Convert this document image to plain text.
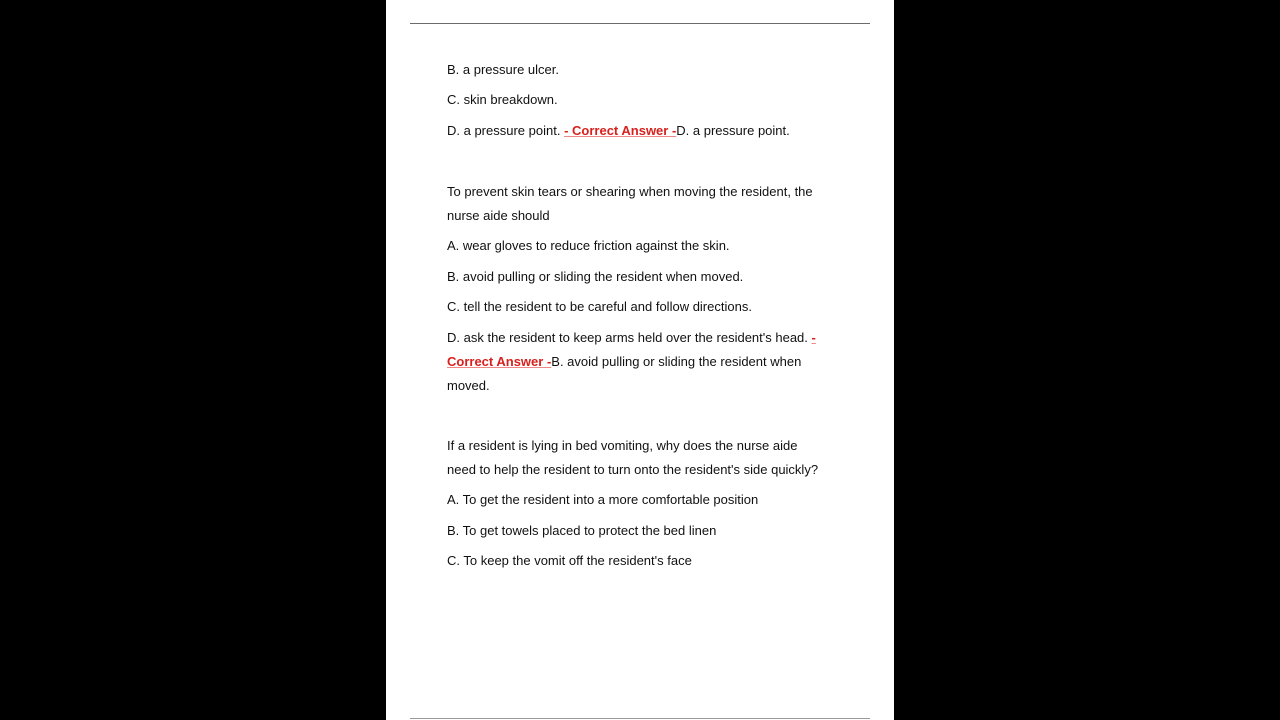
B. a pressure ulcer.
C. skin breakdown.
D. a pressure point. - Correct Answer -D. a pressure point.
To prevent skin tears or shearing when moving the resident, the
nurse aide should
A. wear gloves to reduce friction against the skin.
B. avoid pulling or sliding the resident when moved.
C. tell the resident to be careful and follow directions.
D. ask the resident to keep arms held over the resident's head. -
Correct Answer -B. avoid pulling or sliding the resident when
moved.
If a resident is lying in bed vomiting, why does the nurse aide
need to help the resident to turn onto the resident's side quickly?
A. To get the resident into a more comfortable position
B. To get towels placed to protect the bed linen
C. To keep the vomit off the resident's face
